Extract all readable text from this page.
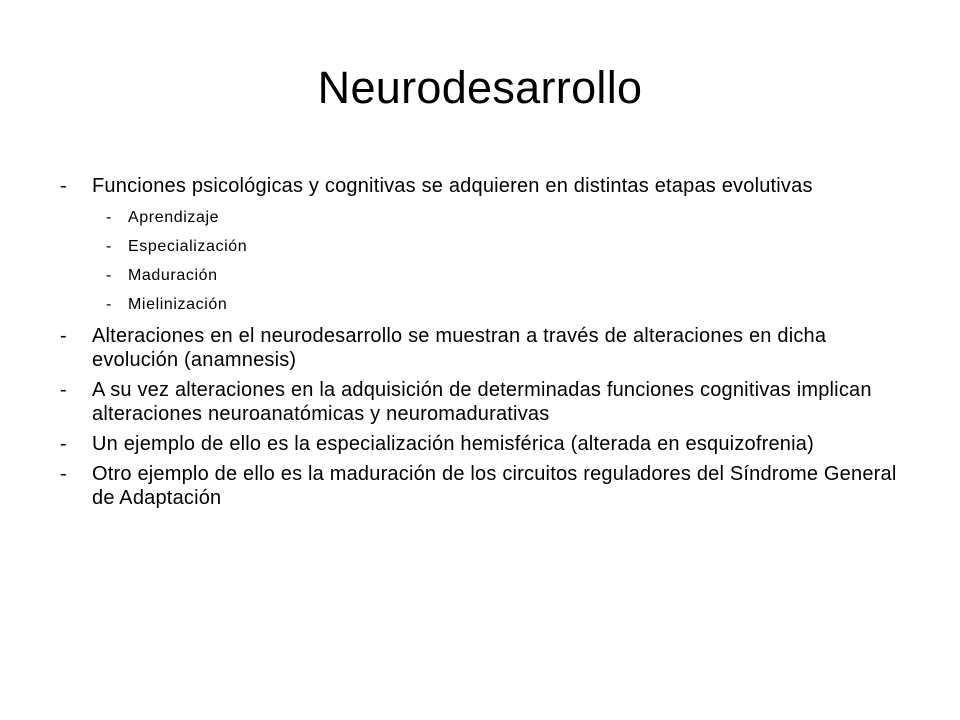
Neurodesarrollo
- Funciones psicológicas y cognitivas se adquieren en distintas etapas evolutivas
- Aprendizaje
- Especialización
- Maduración
- Mielinización
- Alteraciones en el neurodesarrollo se muestran a través de alteraciones en dicha evolución (anamnesis)
- A su vez alteraciones en la adquisición de determinadas funciones cognitivas implican alteraciones neuroanatómicas y neuromadurativas
- Un ejemplo de ello es la especialización hemisférica (alterada en esquizofrenia)
- Otro ejemplo de ello es la maduración de los circuitos reguladores del Síndrome General de Adaptación
